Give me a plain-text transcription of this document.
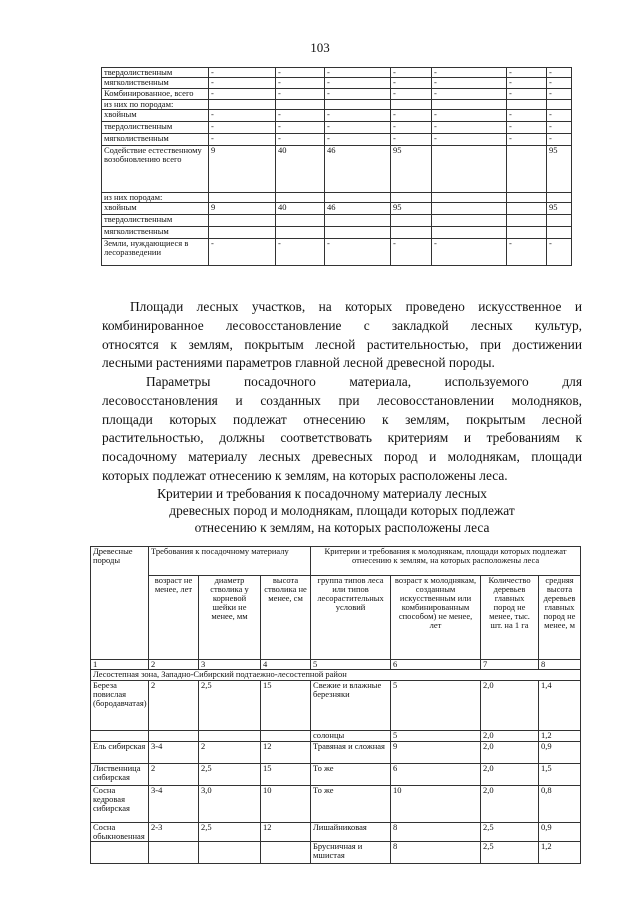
103
твердолиственным	-	-	-	-	-	-	-
мягколиственным	-	-	-	-	-	-	-
Комбинированное, всего	-	-	-	-	-	-	-
из них по породам:							
хвойным	-	-	-	-	-	-	-
твердолиственным	-	-	-	-	-	-	-
мягколиственным	-	-	-	-	-	-	-
Содействие естественному возобновлению всего	9	40	46	95			95
из них породам:							
хвойным	9	40	46	95			95
твердолиственным							
мягколиственным							
Земли, нуждающиеся в лесоразведении	-	-	-	-	-	-	-
Площади лесных участков, на которых проведено искусственное и
комбинированное лесовосстановление с закладкой лесных культур,
относятся к землям, покрытым лесной растительностью, при достижении
лесными растениями параметров главной лесной древесной породы.
Параметры посадочного материала, используемого для
лесовосстановления и созданных при лесовосстановлении молодняков,
площади которых подлежат отнесению к землям, покрытым лесной
растительностью, должны соответствовать критериям и требованиям к
посадочному материалу лесных древесных пород и молоднякам, площади
которых подлежат отнесению к землям, на которых расположены леса.
Критерии и требования к посадочному материалу лесных
древесных пород и молоднякам, площади которых подлежат
отнесению к землям, на которых расположены леса
Древесные породы	Требования к посадочному материалу			Критерии и требования к молоднякам, площади которых подлежат отнесению к землям, на которых расположены леса			
	возраст не менее, лет	диаметр стволика у корневой шейки не менее, мм	высота стволика не менее, см	группа типов леса или типов лесорастительных условий	возраст к молоднякам, созданным искусственным или комбинированным способом) не менее, лет	Количество деревьев главных пород не менее, тыс. шт. на 1 га	средняя высота деревьев главных пород не менее, м
1	2	3	4	5	6	7	8
Лесостепная зона, Западно-Сибирский подтаежно-лесостепной район							
Береза повислая (бородавчатая)	2	2,5	15	Свежие и влажные березняки	5	2,0	1,4
				солонцы	5	2,0	1,2
Ель сибирская	3-4	2	12	Травяная и сложная	9	2,0	0,9
Лиственница сибирская	2	2,5	15	То же	6	2,0	1,5
Сосна кедровая сибирская	3-4	3,0	10	То же	10	2,0	0,8
Сосна обыкновенная	2-3	2,5	12	Лишайниковая	8	2,5	0,9
				Брусничная и мшистая	8	2,5	1,2
